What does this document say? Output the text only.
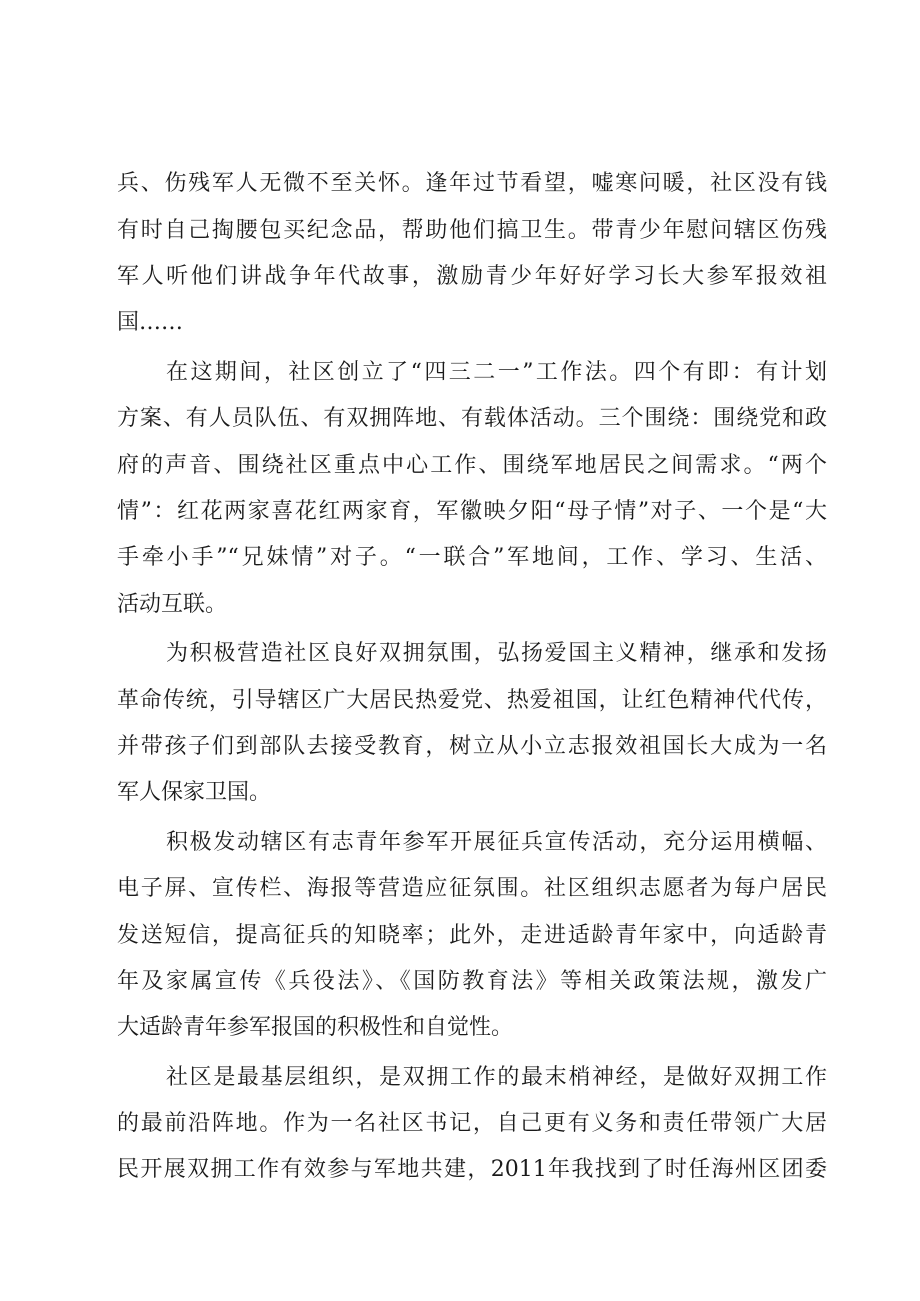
兵、伤残军人无微不至关怀。逢年过节看望，嘘寒问暖，社区没有钱
有时自己掏腰包买纪念品，帮助他们搞卫生。带青少年慰问辖区伤残
军人听他们讲战争年代故事，激励青少年好好学习长大参军报效祖
国……
在这期间，社区创立了“四三二一”工作法。四个有即：有计划
方案、有人员队伍、有双拥阵地、有载体活动。三个围绕：围绕党和政
府的声音、围绕社区重点中心工作、围绕军地居民之间需求。“两个
情”：红花两家喜花红两家育，军徽映夕阳“母子情”对子、一个是“大
手牵小手”“兄妹情”对子。“一联合”军地间，工作、学习、生活、
活动互联。
为积极营造社区良好双拥氛围，弘扬爱国主义精神，继承和发扬
革命传统，引导辖区广大居民热爱党、热爱祖国，让红色精神代代传，
并带孩子们到部队去接受教育，树立从小立志报效祖国长大成为一名
军人保家卫国。
积极发动辖区有志青年参军开展征兵宣传活动，充分运用横幅、
电子屏、宣传栏、海报等营造应征氛围。社区组织志愿者为每户居民
发送短信，提高征兵的知晓率；此外，走进适龄青年家中，向适龄青
年及家属宣传《兵役法》、《国防教育法》等相关政策法规，激发广
大适龄青年参军报国的积极性和自觉性。
社区是最基层组织，是双拥工作的最末梢神经，是做好双拥工作
的最前沿阵地。作为一名社区书记，自己更有义务和责任带领广大居
民开展双拥工作有效参与军地共建，2011年我找到了时任海州区团委
